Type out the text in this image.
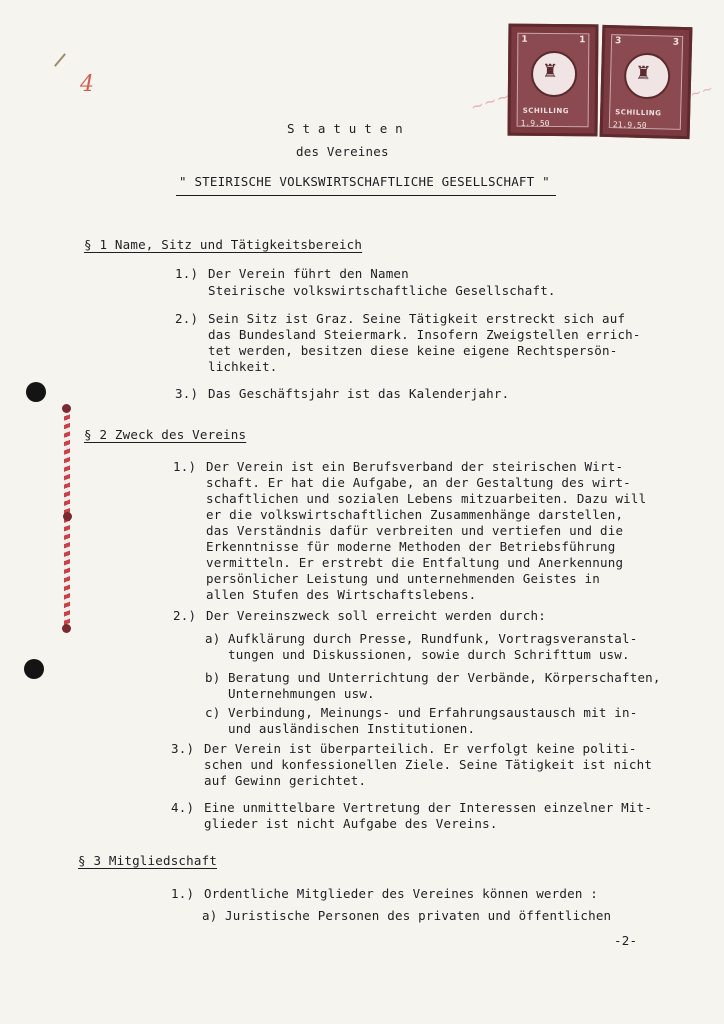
4
1	1
♜
SCHILLING
1.9.50
3	3
♜
SCHILLING
21.9.50
~~~	~~
S t a t u t e n
des Vereines
" STEIRISCHE VOLKSWIRTSCHAFTLICHE GESELLSCHAFT "
§ 1 Name, Sitz und Tätigkeitsbereich
1.) Der Verein führt den Namen
Steirische volkswirtschaftliche Gesellschaft.
2.) Sein Sitz ist Graz. Seine Tätigkeit erstreckt sich auf
das Bundesland Steiermark. Insofern Zweigstellen errich-
tet werden, besitzen diese keine eigene Rechtspersön-
lichkeit.
3.) Das Geschäftsjahr ist das Kalenderjahr.
§ 2 Zweck des Vereins
1.) Der Verein ist ein Berufsverband der steirischen Wirt-
schaft. Er hat die Aufgabe, an der Gestaltung des wirt-
schaftlichen und sozialen Lebens mitzuarbeiten. Dazu will
er die volkswirtschaftlichen Zusammenhänge darstellen,
das Verständnis dafür verbreiten und vertiefen und die
Erkenntnisse für moderne Methoden der Betriebsführung
vermitteln. Er erstrebt die Entfaltung und Anerkennung
persönlicher Leistung und unternehmenden Geistes in
allen Stufen des Wirtschaftslebens.
2.) Der Vereinszweck soll erreicht werden durch:
a) Aufklärung durch Presse, Rundfunk, Vortragsveranstal-
tungen und Diskussionen, sowie durch Schrifttum usw.
b) Beratung und Unterrichtung der Verbände, Körperschaften,
Unternehmungen usw.
c) Verbindung, Meinungs- und Erfahrungsaustausch mit in-
und ausländischen Institutionen.
3.) Der Verein ist überparteilich. Er verfolgt keine politi-
schen und konfessionellen Ziele. Seine Tätigkeit ist nicht
auf Gewinn gerichtet.
4.) Eine unmittelbare Vertretung der Interessen einzelner Mit-
glieder ist nicht Aufgabe des Vereins.
§ 3 Mitgliedschaft
1.) Ordentliche Mitglieder des Vereines können werden :
a) Juristische Personen des privaten und öffentlichen
-2-
